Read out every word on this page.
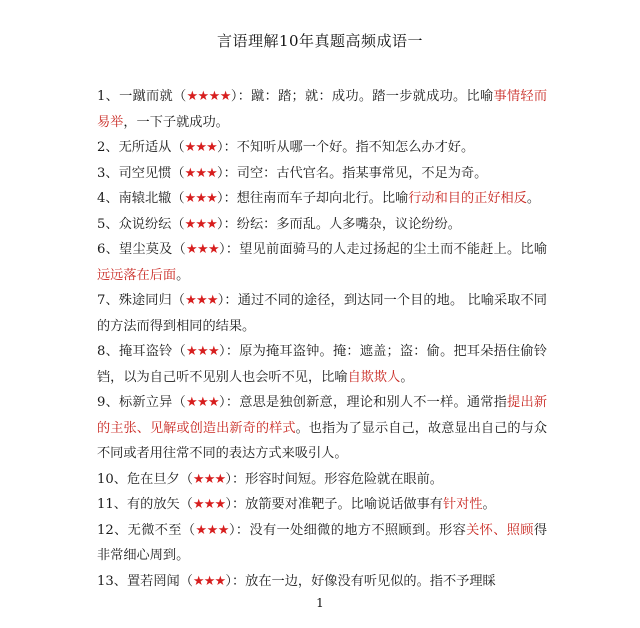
言语理解10年真题高频成语一

1、一蹴而就（★★★★）：蹴：踏；就：成功。踏一步就成功。比喻事情轻而易举，一下子就成功。

2、无所适从（★★★）：不知听从哪一个好。指不知怎么办才好。

3、司空见惯（★★★）：司空：古代官名。指某事常见，不足为奇。

4、南辕北辙（★★★）：想往南而车子却向北行。比喻行动和目的正好相反。

5、众说纷纭（★★★）：纷纭：多而乱。人多嘴杂，议论纷纷。

6、望尘莫及（★★★）：望见前面骑马的人走过扬起的尘土而不能赶上。比喻远远落在后面。

7、殊途同归（★★★）：通过不同的途径，到达同一个目的地。 比喻采取不同的方法而得到相同的结果。

8、掩耳盗铃（★★★）：原为掩耳盗钟。掩：遮盖；盗：偷。把耳朵捂住偷铃铛，以为自己听不见别人也会听不见，比喻自欺欺人。

9、标新立异（★★★）：意思是独创新意，理论和别人不一样。通常指提出新的主张、见解或创造出新奇的样式。也指为了显示自己，故意显出自己的与众不同或者用往常不同的表达方式来吸引人。

10、危在旦夕（★★★）：形容时间短。形容危险就在眼前。

11、有的放矢（★★★）：放箭要对准靶子。比喻说话做事有针对性。

12、无微不至（★★★）：没有一处细微的地方不照顾到。形容关怀、照顾得非常细心周到。

13、置若罔闻（★★★）：放在一边，好像没有听见似的。指不予理睬

1
